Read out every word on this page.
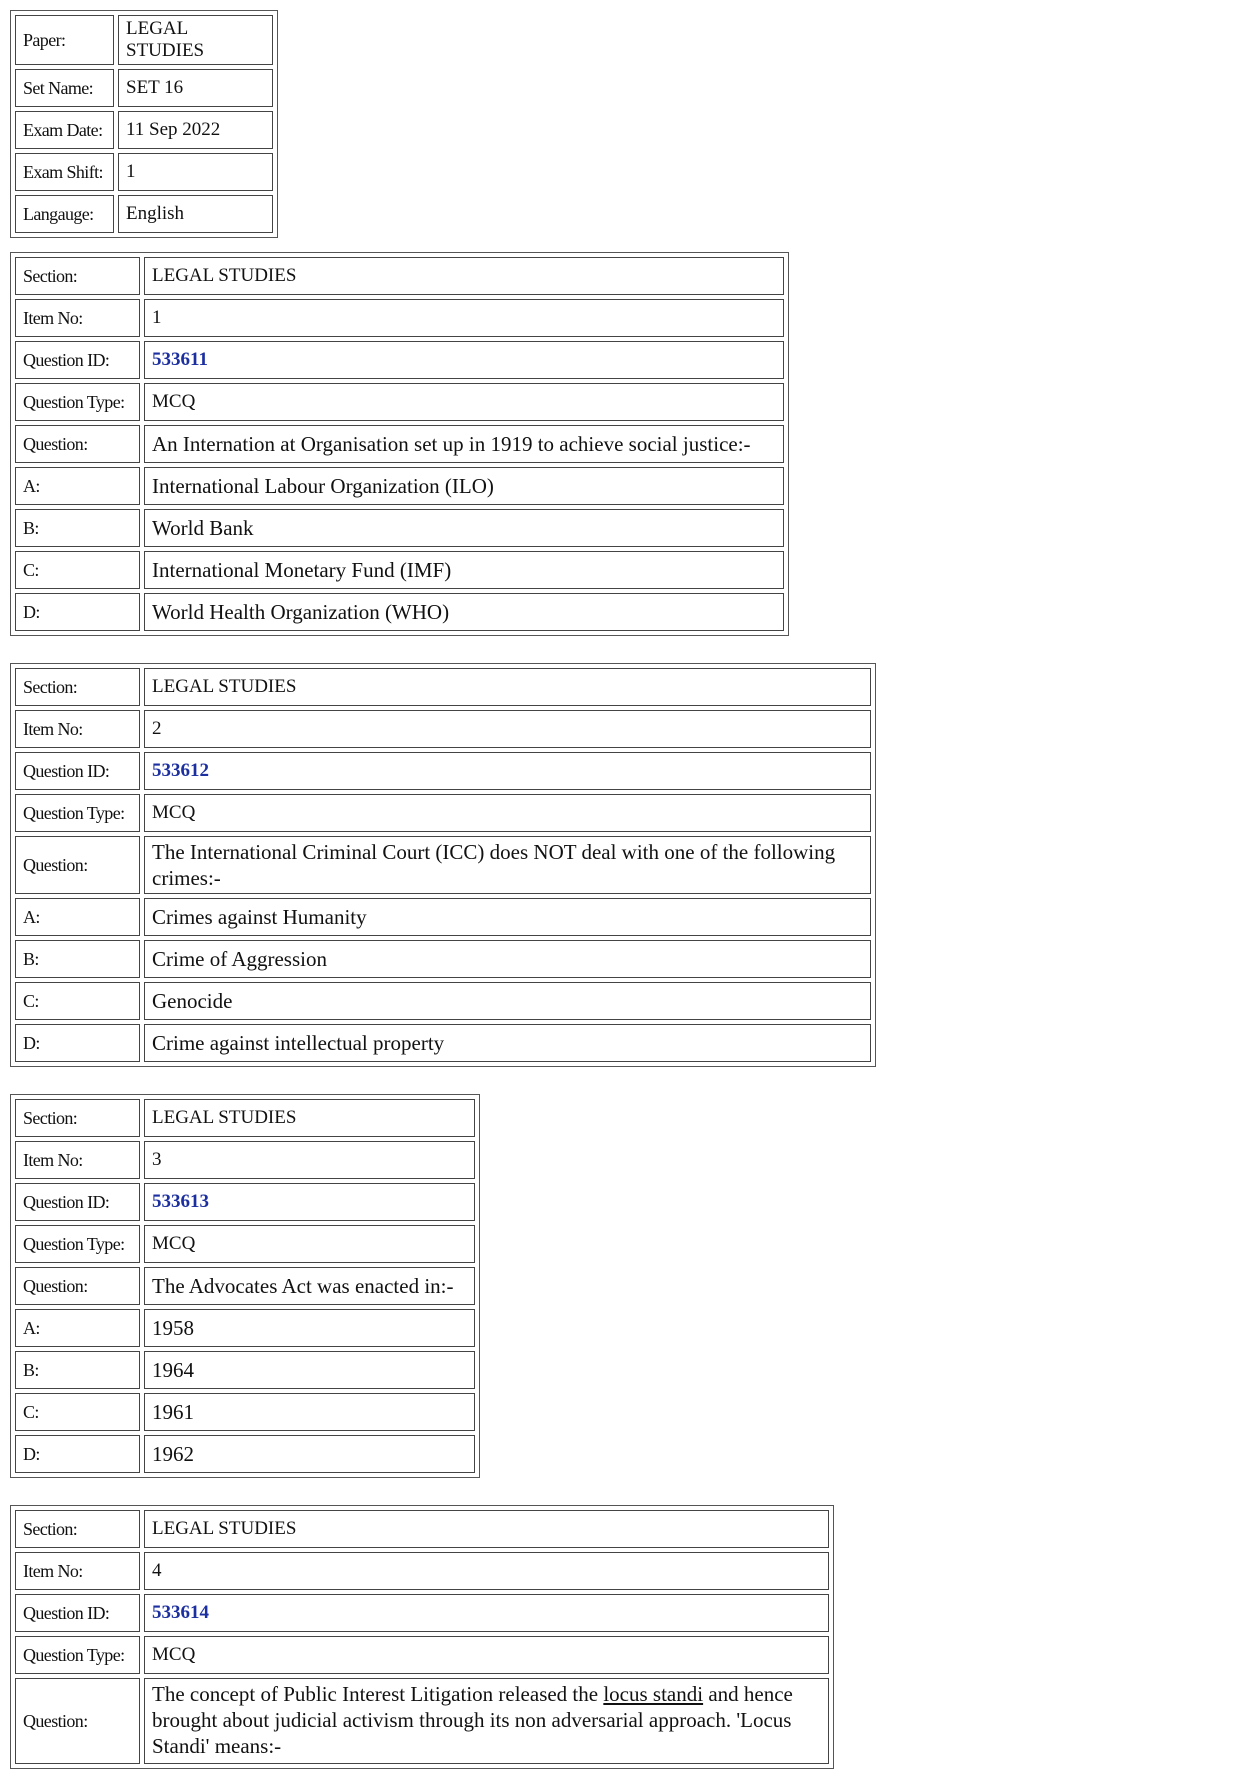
Paper:	LEGAL STUDIES
Set Name:	SET 16
Exam Date:	11 Sep 2022
Exam Shift:	1
Langauge:	English
Section:	LEGAL STUDIES
Item No:	1
Question ID:	533611
Question Type:	MCQ
Question:	An Internation at Organisation set up in 1919 to achieve social justice:-
A:	International Labour Organization (ILO)
B:	World Bank
C:	International Monetary Fund (IMF)
D:	World Health Organization (WHO)
Section:	LEGAL STUDIES
Item No:	2
Question ID:	533612
Question Type:	MCQ
Question:	The International Criminal Court (ICC) does NOT deal with one of the following crimes:-
A:	Crimes against Humanity
B:	Crime of Aggression
C:	Genocide
D:	Crime against intellectual property
Section:	LEGAL STUDIES
Item No:	3
Question ID:	533613
Question Type:	MCQ
Question:	The Advocates Act was enacted in:-
A:	1958
B:	1964
C:	1961
D:	1962
Section:	LEGAL STUDIES
Item No:	4
Question ID:	533614
Question Type:	MCQ
Question:	The concept of Public Interest Litigation released the locus standi and hence brought about judicial activism through its non adversarial approach. 'Locus Standi' means:-
